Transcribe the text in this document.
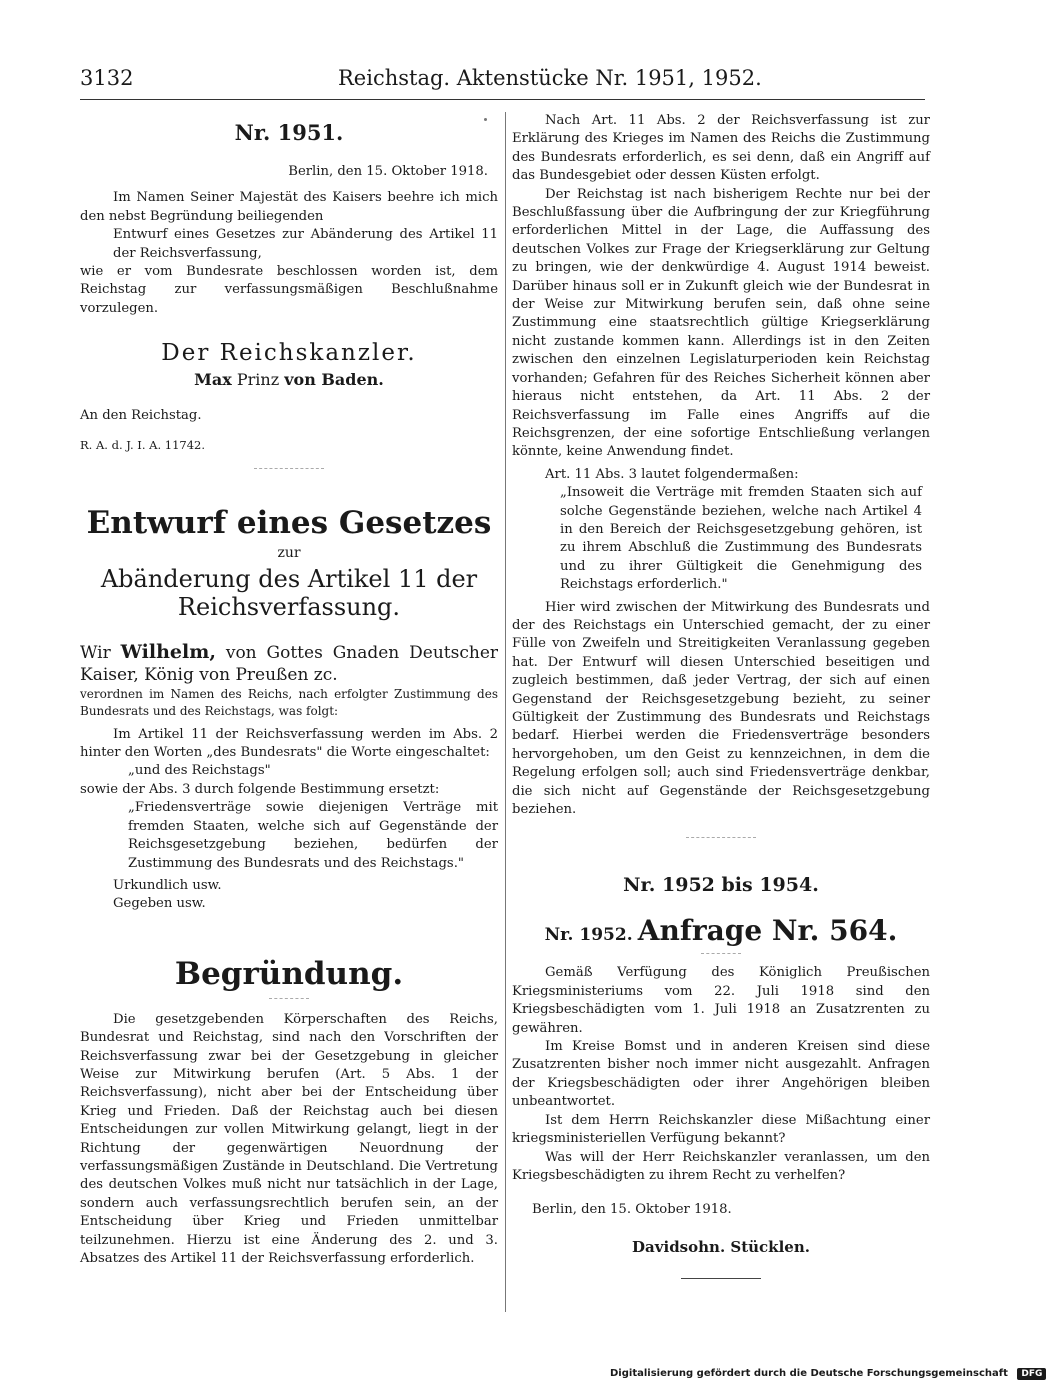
3132	Reichstag. Aktenstücke Nr. 1951, 1952.

Nr. 1951.

Berlin, den 15. Oktober 1918.

Im Namen Seiner Majestät des Kaisers beehre ich mich den nebst Begründung beiliegenden

Entwurf eines Gesetzes zur Abänderung des Artikel 11 der Reichsverfassung,

wie er vom Bundesrate beschlossen worden ist, dem Reichstag zur verfassungsmäßigen Beschlußnahme vorzulegen.

Der Reichskanzler.

Max Prinz von Baden.

An den Reichstag.

R. A. d. J. I. A. 11742.

Entwurf eines Gesetzes

zur

Abänderung des Artikel 11 der Reichsverfassung.

Wir Wilhelm, von Gottes Gnaden Deutscher Kaiser, König von Preußen zc.

verordnen im Namen des Reichs, nach erfolgter Zustimmung des Bundesrats und des Reichstags, was folgt:

Im Artikel 11 der Reichsverfassung werden im Abs. 2 hinter den Worten „des Bundesrats" die Worte eingeschaltet:

„und des Reichstags"

sowie der Abs. 3 durch folgende Bestimmung ersetzt:

„Friedensverträge sowie diejenigen Verträge mit fremden Staaten, welche sich auf Gegenstände der Reichsgesetzgebung beziehen, bedürfen der Zustimmung des Bundesrats und des Reichstags."

Urkundlich usw.

Gegeben usw.

Begründung.

Die gesetzgebenden Körperschaften des Reichs, Bundesrat und Reichstag, sind nach den Vorschriften der Reichsverfassung zwar bei der Gesetzgebung in gleicher Weise zur Mitwirkung berufen (Art. 5 Abs. 1 der Reichsverfassung), nicht aber bei der Entscheidung über Krieg und Frieden. Daß der Reichstag auch bei diesen Entscheidungen zur vollen Mitwirkung gelangt, liegt in der Richtung der gegenwärtigen Neuordnung der verfassungsmäßigen Zustände in Deutschland. Die Vertretung des deutschen Volkes muß nicht nur tatsächlich in der Lage, sondern auch verfassungsrechtlich berufen sein, an der Entscheidung über Krieg und Frieden unmittelbar teilzunehmen. Hierzu ist eine Änderung des 2. und 3. Absatzes des Artikel 11 der Reichsverfassung erforderlich.

Nach Art. 11 Abs. 2 der Reichsverfassung ist zur Erklärung des Krieges im Namen des Reichs die Zustimmung des Bundesrats erforderlich, es sei denn, daß ein Angriff auf das Bundesgebiet oder dessen Küsten erfolgt.

Der Reichstag ist nach bisherigem Rechte nur bei der Beschlußfassung über die Aufbringung der zur Kriegführung erforderlichen Mittel in der Lage, die Auffassung des deutschen Volkes zur Frage der Kriegserklärung zur Geltung zu bringen, wie der denkwürdige 4. August 1914 beweist. Darüber hinaus soll er in Zukunft gleich wie der Bundesrat in der Weise zur Mitwirkung berufen sein, daß ohne seine Zustimmung eine staatsrechtlich gültige Kriegserklärung nicht zustande kommen kann. Allerdings ist in den Zeiten zwischen den einzelnen Legislaturperioden kein Reichstag vorhanden; Gefahren für des Reiches Sicherheit können aber hieraus nicht entstehen, da Art. 11 Abs. 2 der Reichsverfassung im Falle eines Angriffs auf die Reichsgrenzen, der eine sofortige Entschließung verlangen könnte, keine Anwendung findet.

Art. 11 Abs. 3 lautet folgendermaßen:

„Insoweit die Verträge mit fremden Staaten sich auf solche Gegenstände beziehen, welche nach Artikel 4 in den Bereich der Reichsgesetzgebung gehören, ist zu ihrem Abschluß die Zustimmung des Bundesrats und zu ihrer Gültigkeit die Genehmigung des Reichstags erforderlich."

Hier wird zwischen der Mitwirkung des Bundesrats und der des Reichstags ein Unterschied gemacht, der zu einer Fülle von Zweifeln und Streitigkeiten Veranlassung gegeben hat. Der Entwurf will diesen Unterschied beseitigen und zugleich bestimmen, daß jeder Vertrag, der sich auf einen Gegenstand der Reichsgesetzgebung bezieht, zu seiner Gültigkeit der Zustimmung des Bundesrats und Reichstags bedarf. Hierbei werden die Friedensverträge besonders hervorgehoben, um den Geist zu kennzeichnen, in dem die Regelung erfolgen soll; auch sind Friedensverträge denkbar, die sich nicht auf Gegenstände der Reichsgesetzgebung beziehen.

Nr. 1952 bis 1954.

Nr. 1952. Anfrage Nr. 564.

Gemäß Verfügung des Königlich Preußischen Kriegsministeriums vom 22. Juli 1918 sind den Kriegsbeschädigten vom 1. Juli 1918 an Zusatzrenten zu gewähren.

Im Kreise Bomst und in anderen Kreisen sind diese Zusatzrenten bisher noch immer nicht ausgezahlt. Anfragen der Kriegsbeschädigten oder ihrer Angehörigen bleiben unbeantwortet.

Ist dem Herrn Reichskanzler diese Mißachtung einer kriegsministeriellen Verfügung bekannt?

Was will der Herr Reichskanzler veranlassen, um den Kriegsbeschädigten zu ihrem Recht zu verhelfen?

Berlin, den 15. Oktober 1918.

Davidsohn. Stücklen.

Digitalisierung gefördert durch die Deutsche Forschungsgemeinschaft DFG
